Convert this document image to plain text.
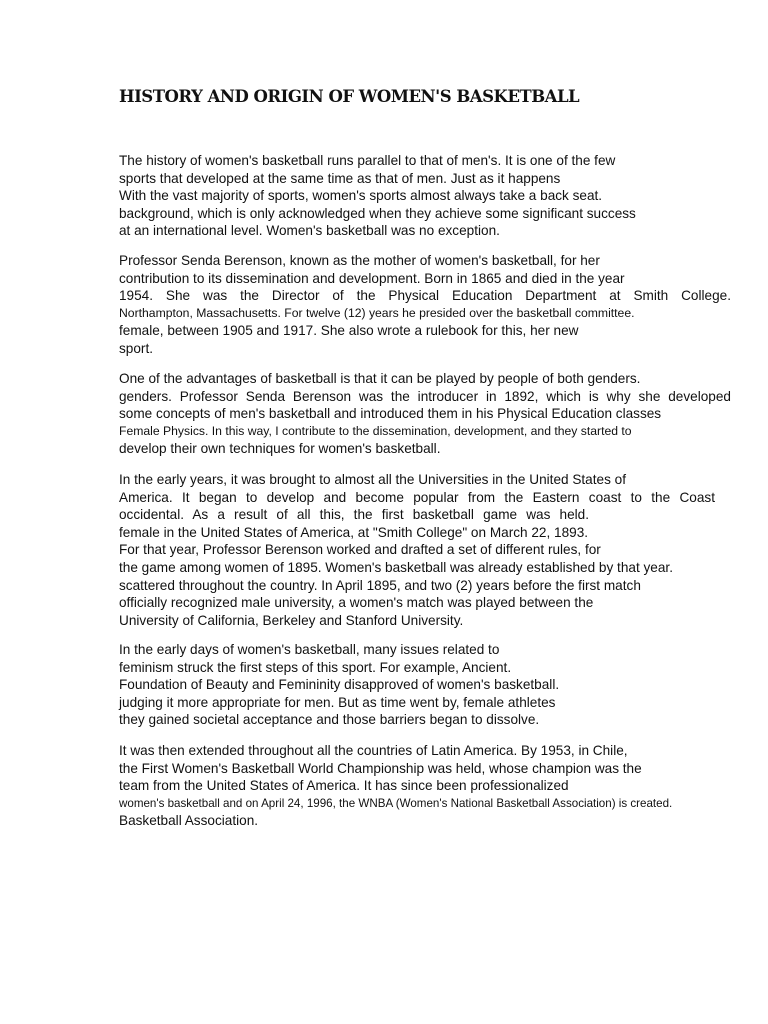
HISTORY AND ORIGIN OF WOMEN'S BASKETBALL
The history of women's basketball runs parallel to that of men's. It is one of the few
sports that developed at the same time as that of men. Just as it happens
With the vast majority of sports, women's sports almost always take a back seat.
background, which is only acknowledged when they achieve some significant success
at an international level. Women's basketball was no exception.
Professor Senda Berenson, known as the mother of women's basketball, for her
contribution to its dissemination and development. Born in 1865 and died in the year
1954. She was the Director of the Physical Education Department at Smith College.
Northampton, Massachusetts. For twelve (12) years he presided over the basketball committee.
female, between 1905 and 1917. She also wrote a rulebook for this, her new
sport.
One of the advantages of basketball is that it can be played by people of both genders.
genders. Professor Senda Berenson was the introducer in 1892, which is why she developed
some concepts of men's basketball and introduced them in his Physical Education classes
Female Physics. In this way, I contribute to the dissemination, development, and they started to
develop their own techniques for women's basketball.
In the early years, it was brought to almost all the Universities in the United States of
America. It began to develop and become popular from the Eastern coast to the Coast
occidental. As a result of all this, the first basketball game was held.
female in the United States of America, at "Smith College" on March 22, 1893.
For that year, Professor Berenson worked and drafted a set of different rules, for
the game among women of 1895. Women's basketball was already established by that year.
scattered throughout the country. In April 1895, and two (2) years before the first match
officially recognized male university, a women's match was played between the
University of California, Berkeley and Stanford University.
In the early days of women's basketball, many issues related to
feminism struck the first steps of this sport. For example, Ancient.
Foundation of Beauty and Femininity disapproved of women's basketball.
judging it more appropriate for men. But as time went by, female athletes
they gained societal acceptance and those barriers began to dissolve.
It was then extended throughout all the countries of Latin America. By 1953, in Chile,
the First Women's Basketball World Championship was held, whose champion was the
team from the United States of America. It has since been professionalized
women's basketball and on April 24, 1996, the WNBA (Women's National Basketball Association) is created.
Basketball Association.
